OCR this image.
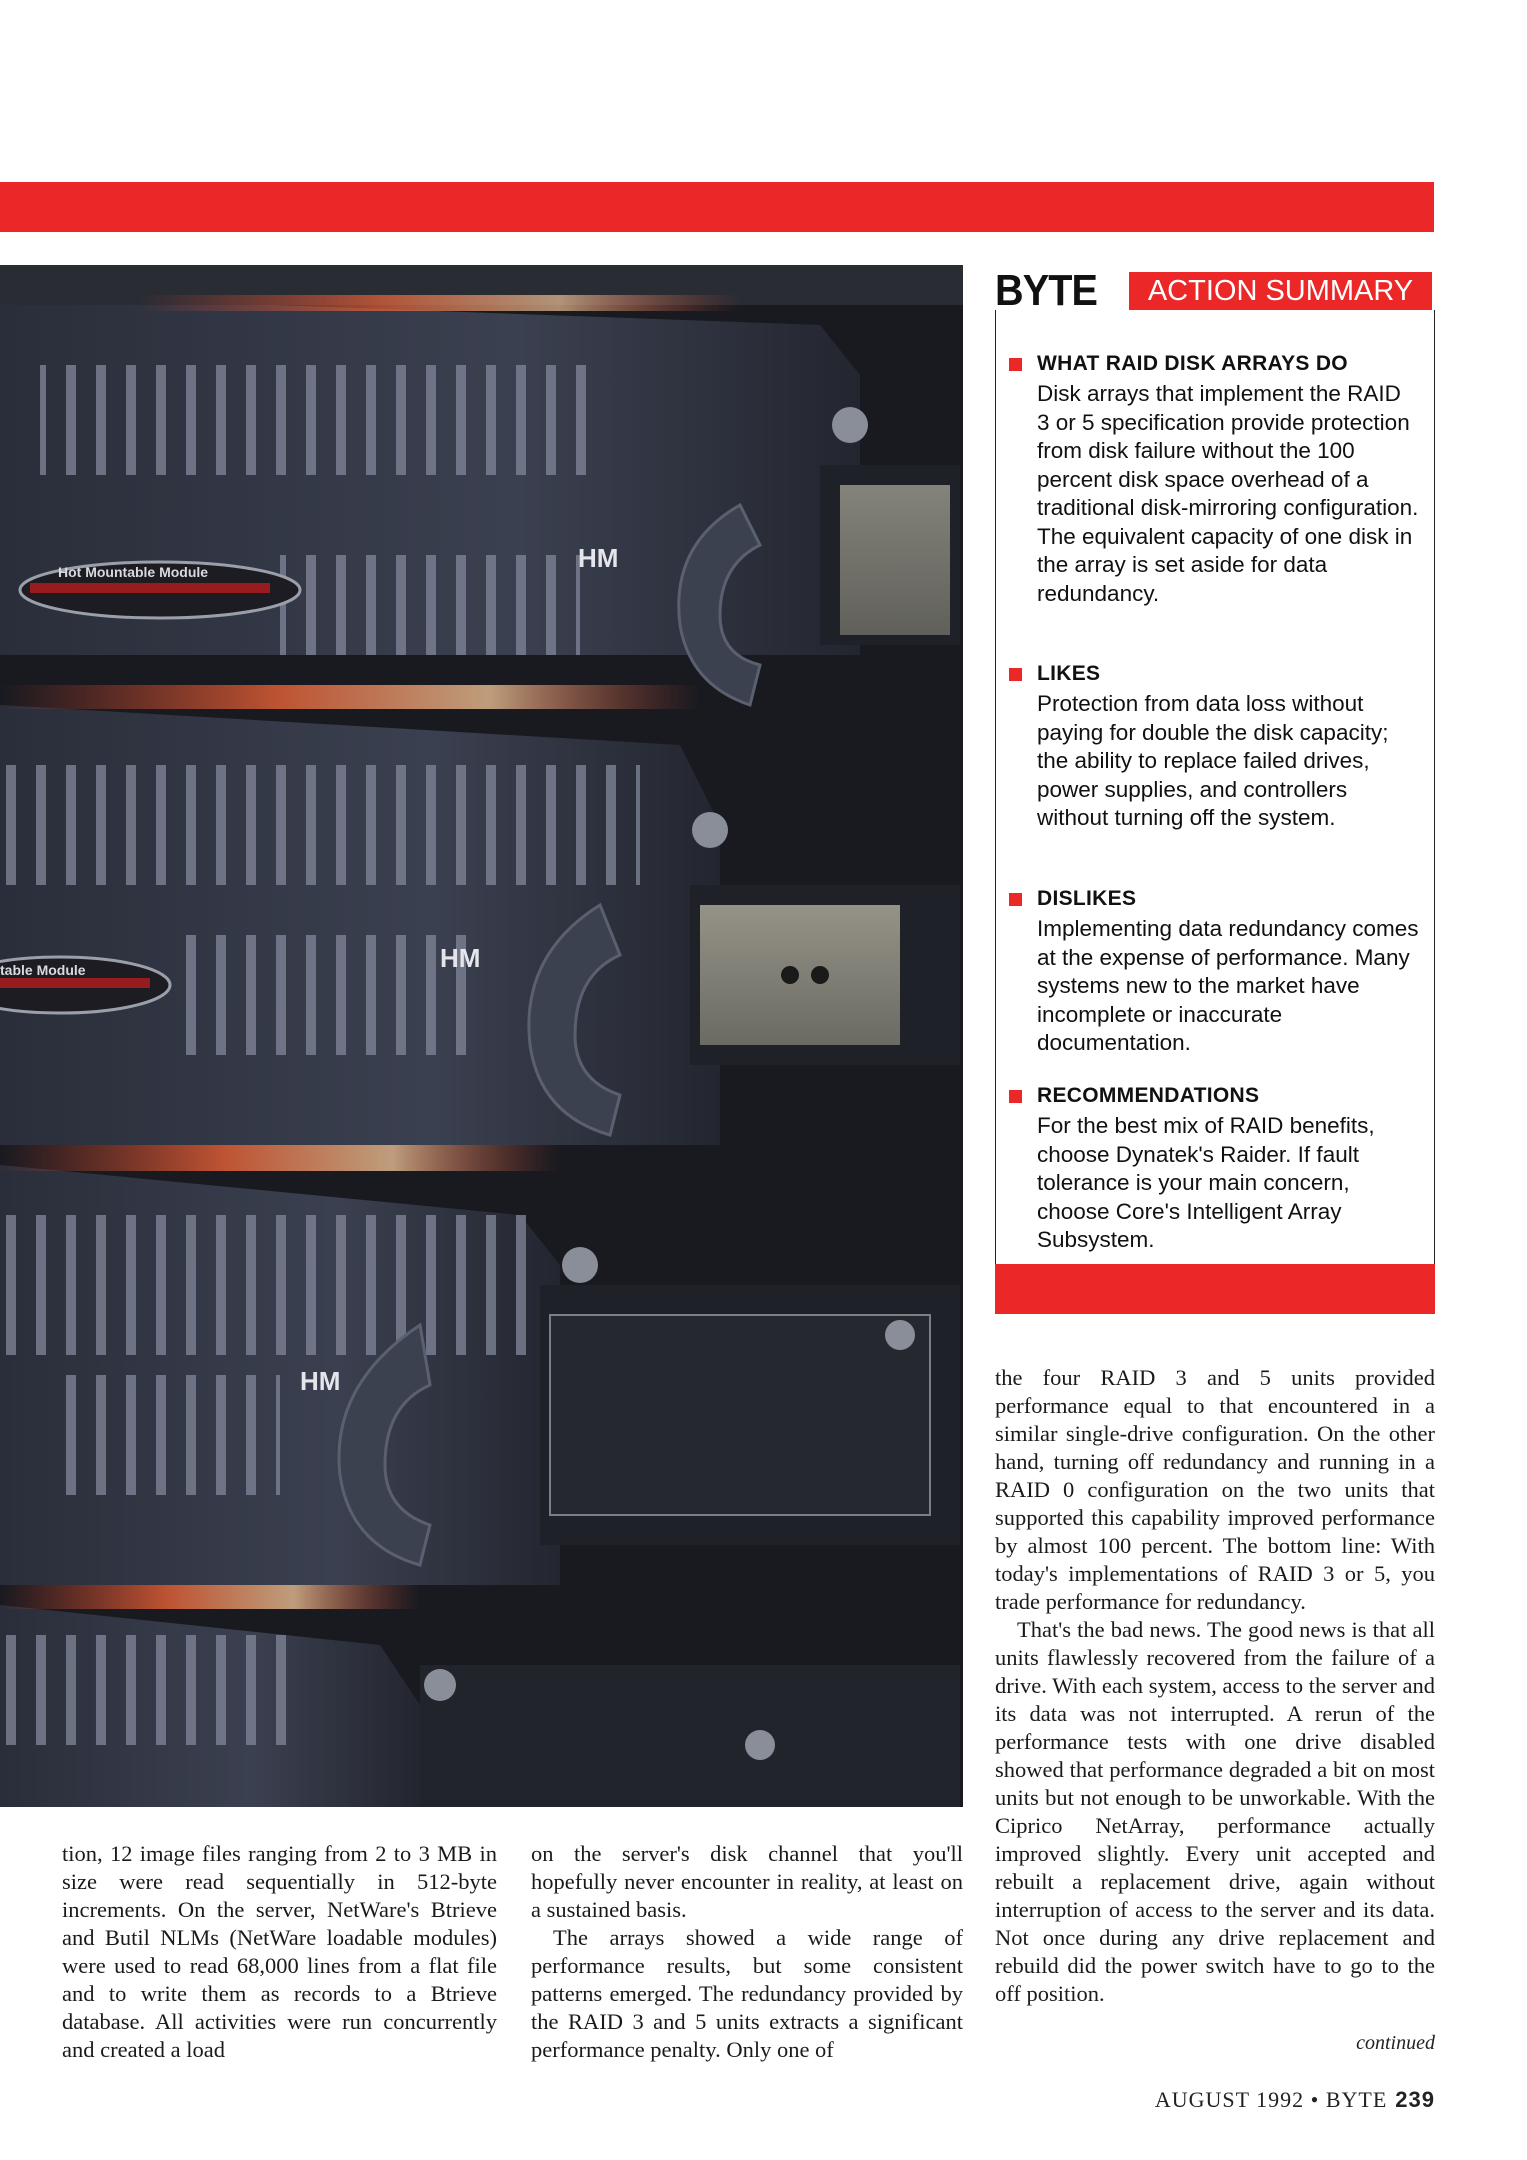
Hot Mountable Module
table Module
HM
HM
HM
BYTE	ACTION SUMMARY
WHAT RAID DISK ARRAYS DO

Disk arrays that implement the RAID 3 or 5 specification provide protection from disk failure without the 100 percent disk space overhead of a traditional disk-mirroring configuration. The equivalent capacity of one disk in the array is set aside for data redundancy.

LIKES

Protection from data loss without paying for double the disk capacity; the ability to replace failed drives, power supplies, and controllers without turning off the system.

DISLIKES

Implementing data redundancy comes at the expense of performance. Many systems new to the market have incomplete or inaccurate documentation.

RECOMMENDATIONS

For the best mix of RAID benefits, choose Dynatek's Raider. If fault tolerance is your main concern, choose Core's Intelligent Array Subsystem.

tion, 12 image files ranging from 2 to 3 MB in size were read sequentially in 512-byte increments. On the server, NetWare's Btrieve and Butil NLMs (NetWare loadable modules) were used to read 68,000 lines from a flat file and to write them as records to a Btrieve database. All activities were run concurrently and created a load

on the server's disk channel that you'll hopefully never encounter in reality, at least on a sustained basis.

The arrays showed a wide range of performance results, but some consistent patterns emerged. The redundancy provided by the RAID 3 and 5 units extracts a significant performance penalty. Only one of

the four RAID 3 and 5 units provided performance equal to that encountered in a similar single-drive configuration. On the other hand, turning off redundancy and running in a RAID 0 configuration on the two units that supported this capability improved performance by almost 100 percent. The bottom line: With today's implementations of RAID 3 or 5, you trade performance for redundancy.

That's the bad news. The good news is that all units flawlessly recovered from the failure of a drive. With each system, access to the server and its data was not interrupted. A rerun of the performance tests with one drive disabled showed that performance degraded a bit on most units but not enough to be unworkable. With the Ciprico NetArray, performance actually improved slightly. Every unit accepted and rebuilt a replacement drive, again without interruption of access to the server and its data. Not once during any drive replacement and rebuild did the power switch have to go to the off position.

continued
AUGUST 1992 • BYTE 239
